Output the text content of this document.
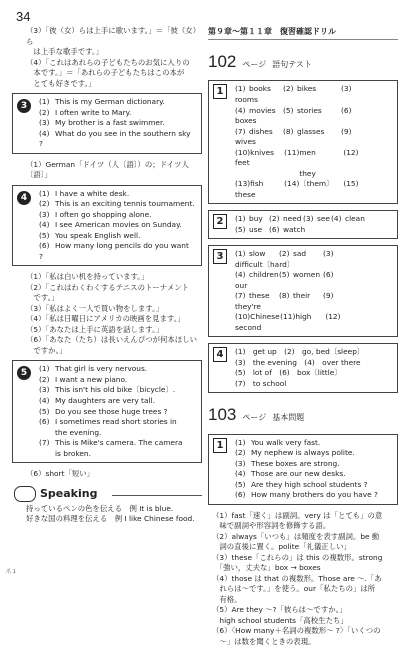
34

（3）「彼（女）らは上手に歌います。」＝「彼（女）ら

　は上手な歌手です。」

（4）「これはあれらの子どもたちのお気に入りの

　本です。」＝「あれらの子どもたちはこの本が

　とても好きです。」

3	(1) This is my German dictionary.

(2) I often write to Mary.

(3) My brother is a fast swimmer.

(4) What do you see in the southern sky ?

（1）German「ドイツ（人〔語〕）の；ドイツ人〔語〕」

4	(1) I have a white desk.

(2) This is an exciting tennis tournament.

(3) I often go shopping alone.

(4) I see American movies on Sunday.

(5) You speak English well.

(6) How many long pencils do you want ?

（1）「私は白い机を持っています。」

（2）「これはわくわくするテニスのトーナメント

　です。」

（3）「私はよく一人で買い物をします。」

（4）「私は日曜日にアメリカの映画を見ます。」

（5）「あなたは上手に英語を話します。」

（6）「あなた（たち）は長いえんぴつが何本ほしい

　ですか。」

5	(1) That girl is very nervous.

(2) I want a new piano.

(3) This isn't his old bike〔bicycle〕.

(4) My daughters are very tall.

(5) Do you see those huge trees ?

(6) I sometimes read short stories in

the evening.

(7) This is Mike's camera. The camera

is broken.

（6）short「短い」

Speaking

持っているペンの色を伝える　例 It is blue.

好きな国の料理を伝える　例 I like Chinese food.

第９章〜第１１章　復習確認ドリル
102 ページ 語句テスト
1	(1) books (2) bikes	(3)rooms
(4) movies (5) stories	(6)boxes
(7) dishes (8) glasses (9)wives
(10)knives (11)men	(12)feet
(13)fish	(14)they〔them〕 (15)these
2	(1) buy (2) need (3) see(4) clean
(5) use (6) watch
3	(1) slow (2) sad (3)difficult〔hard〕
(4) children(5) women (6)our
(7) these (8) their (9)they're
(10)Chinese(11)high (12)second
4	(1)　get up　(2)　go, bed〔sleep〕

(3)　the evening　(4)　over there

(5)　lot of　(6)　box〔little〕

(7)　to school

103 ページ 基本問題
1	(1) You walk very fast.

(2) My nephew is always polite.

(3) These boxes are strong.

(4) Those are our new desks.

(5) Are they high school students ?

(6) How many brothers do you have ?

（1）fast「速く」は副詞。very は「とても」の意

　味で副詞や形容詞を修飾する語。

（2）always「いつも」は頻度を表す副詞。be 動

　詞の直後に置く。polite「礼儀正しい」

（3）these「これらの」は this の複数形。strong

　「強い，丈夫な」box → boxes

（4）those は that の複数形。Those are 〜.「あ

　れらは〜です。」を使う。our「私たちの」は所

　有格。

（5）Are they 〜?「彼らは〜ですか。」

　high school students「高校生たち」

（6）〈How many＋名詞の複数形〜 ?〉「いくつの

　〜」は数を聞くときの表現。

爪 1
